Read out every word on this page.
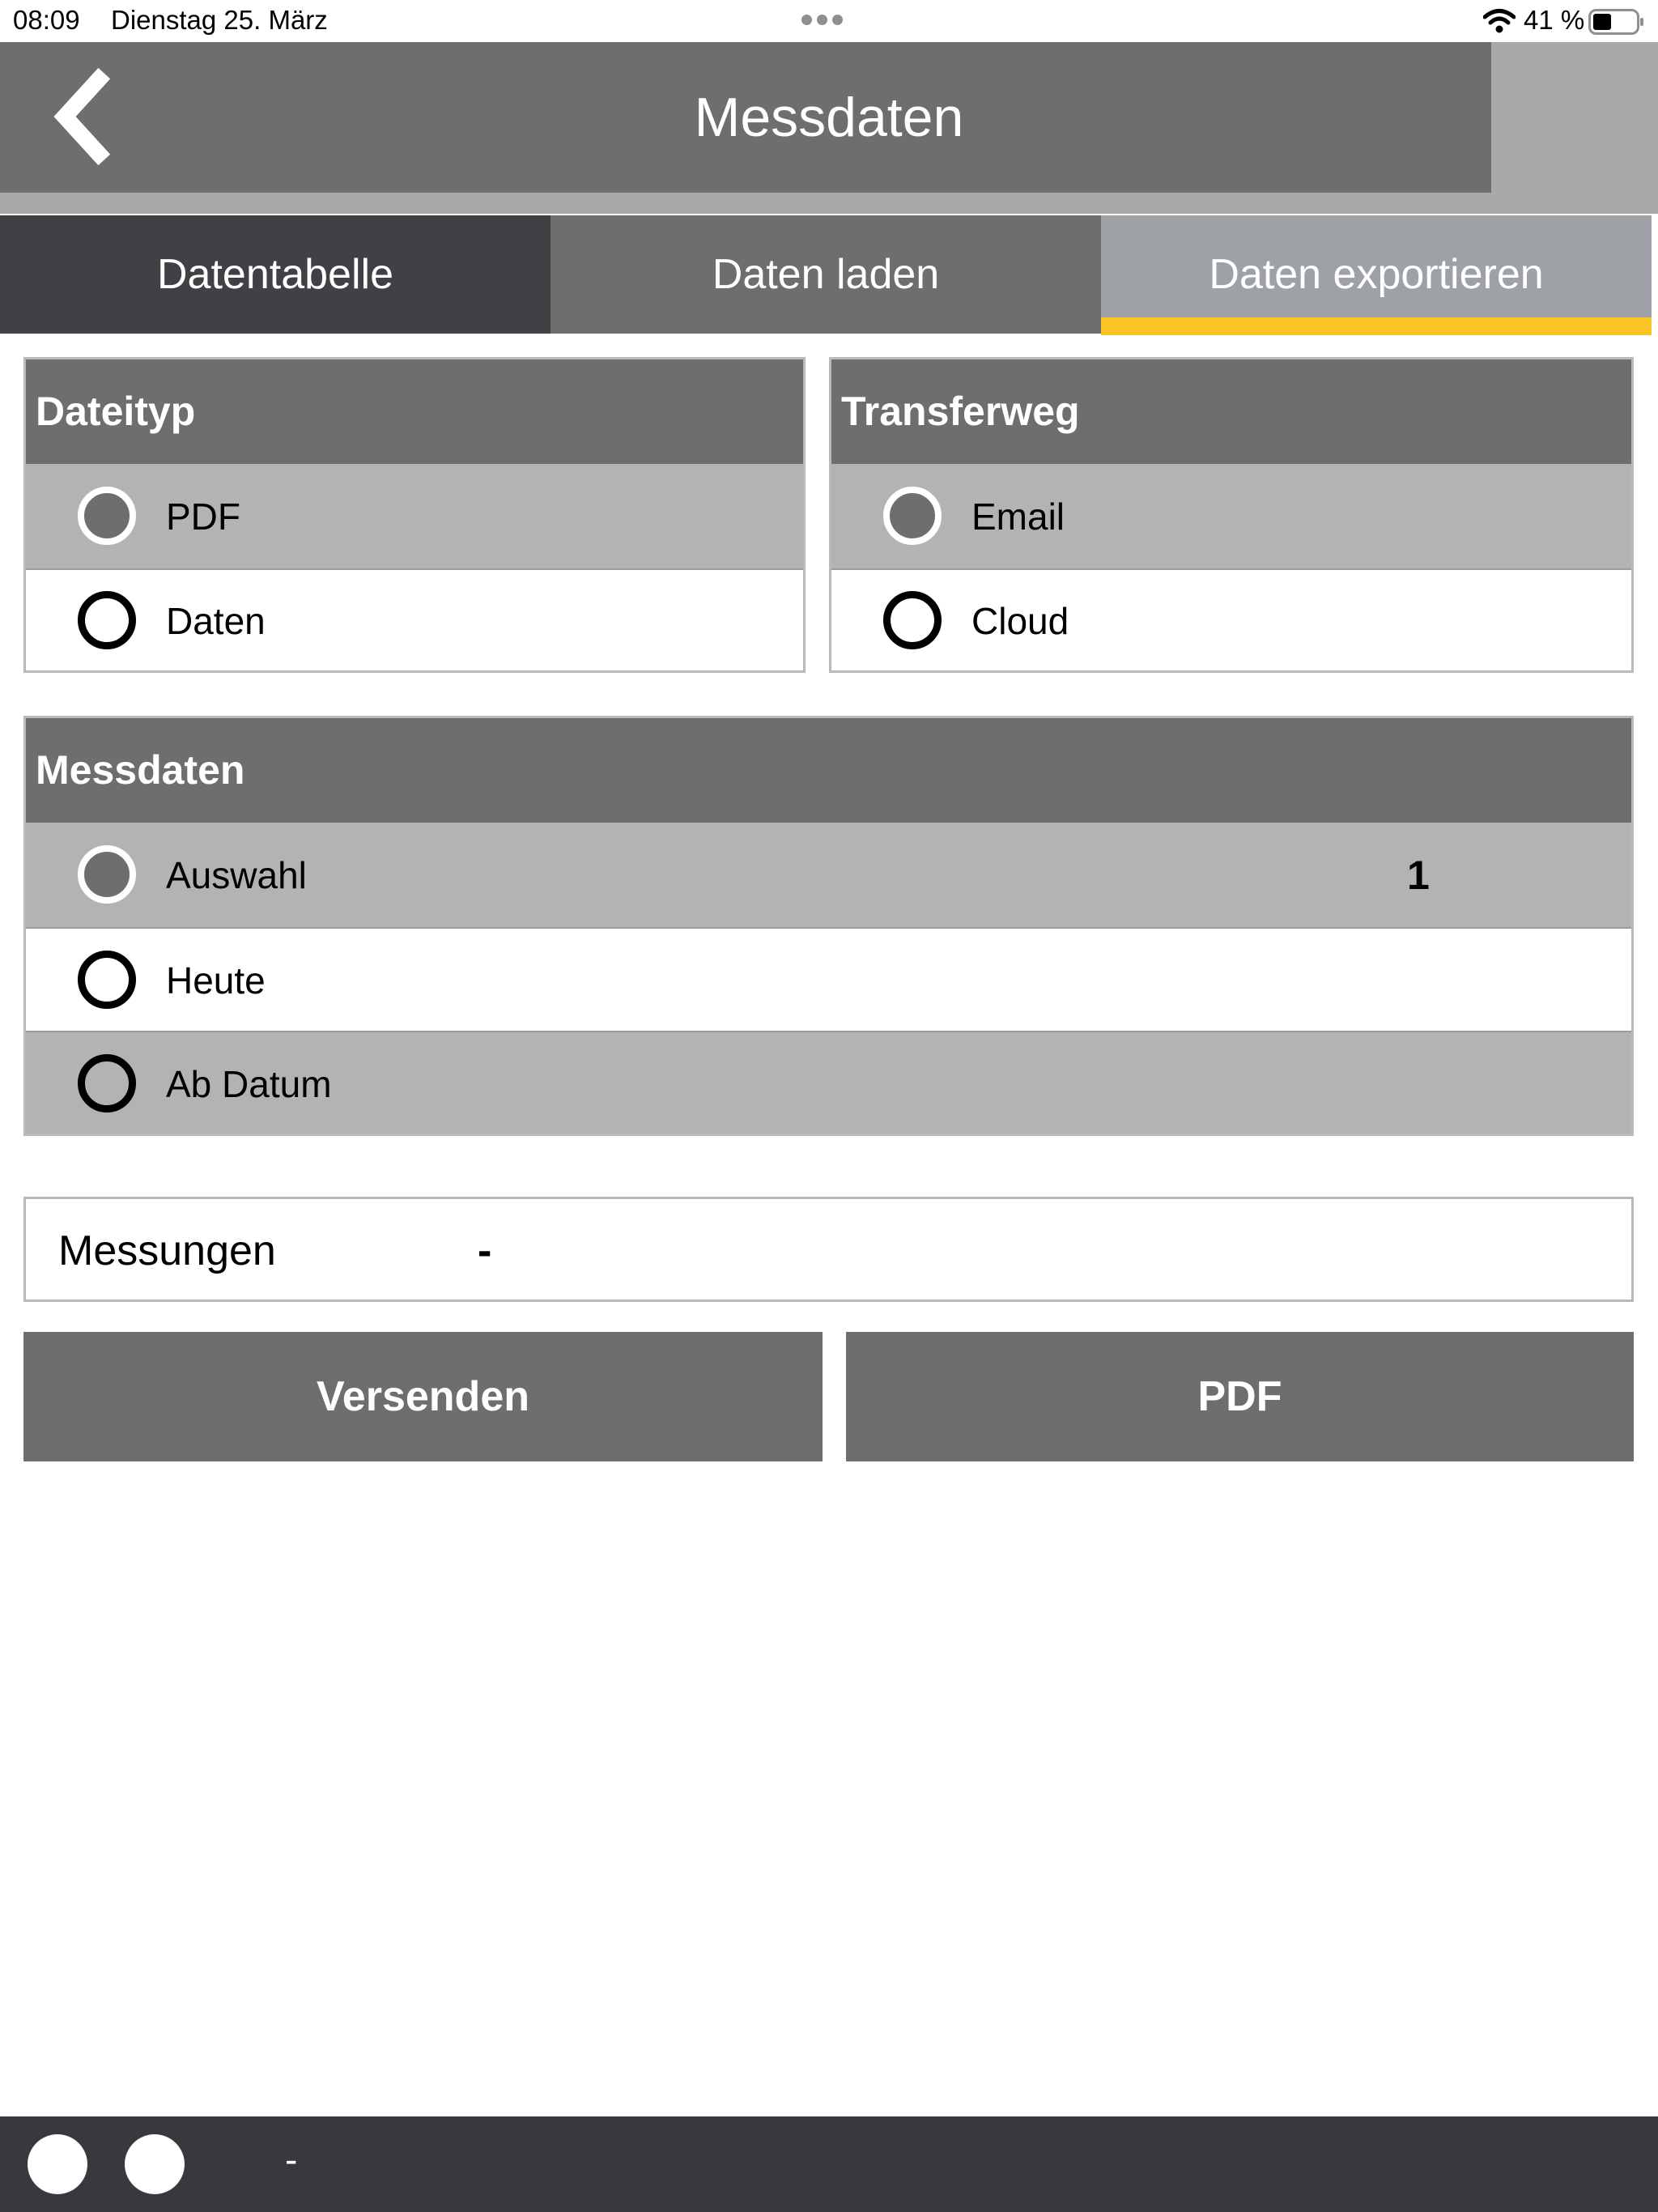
08:09 Dienstag 25. März	41 %
Messdaten
Datentabelle	Daten laden	Daten exportieren
Dateityp
PDF
Daten
Transferweg
Email
Cloud
Messdaten
Auswahl	1
Heute
Ab Datum
Messungen	-
Versenden	PDF
-
